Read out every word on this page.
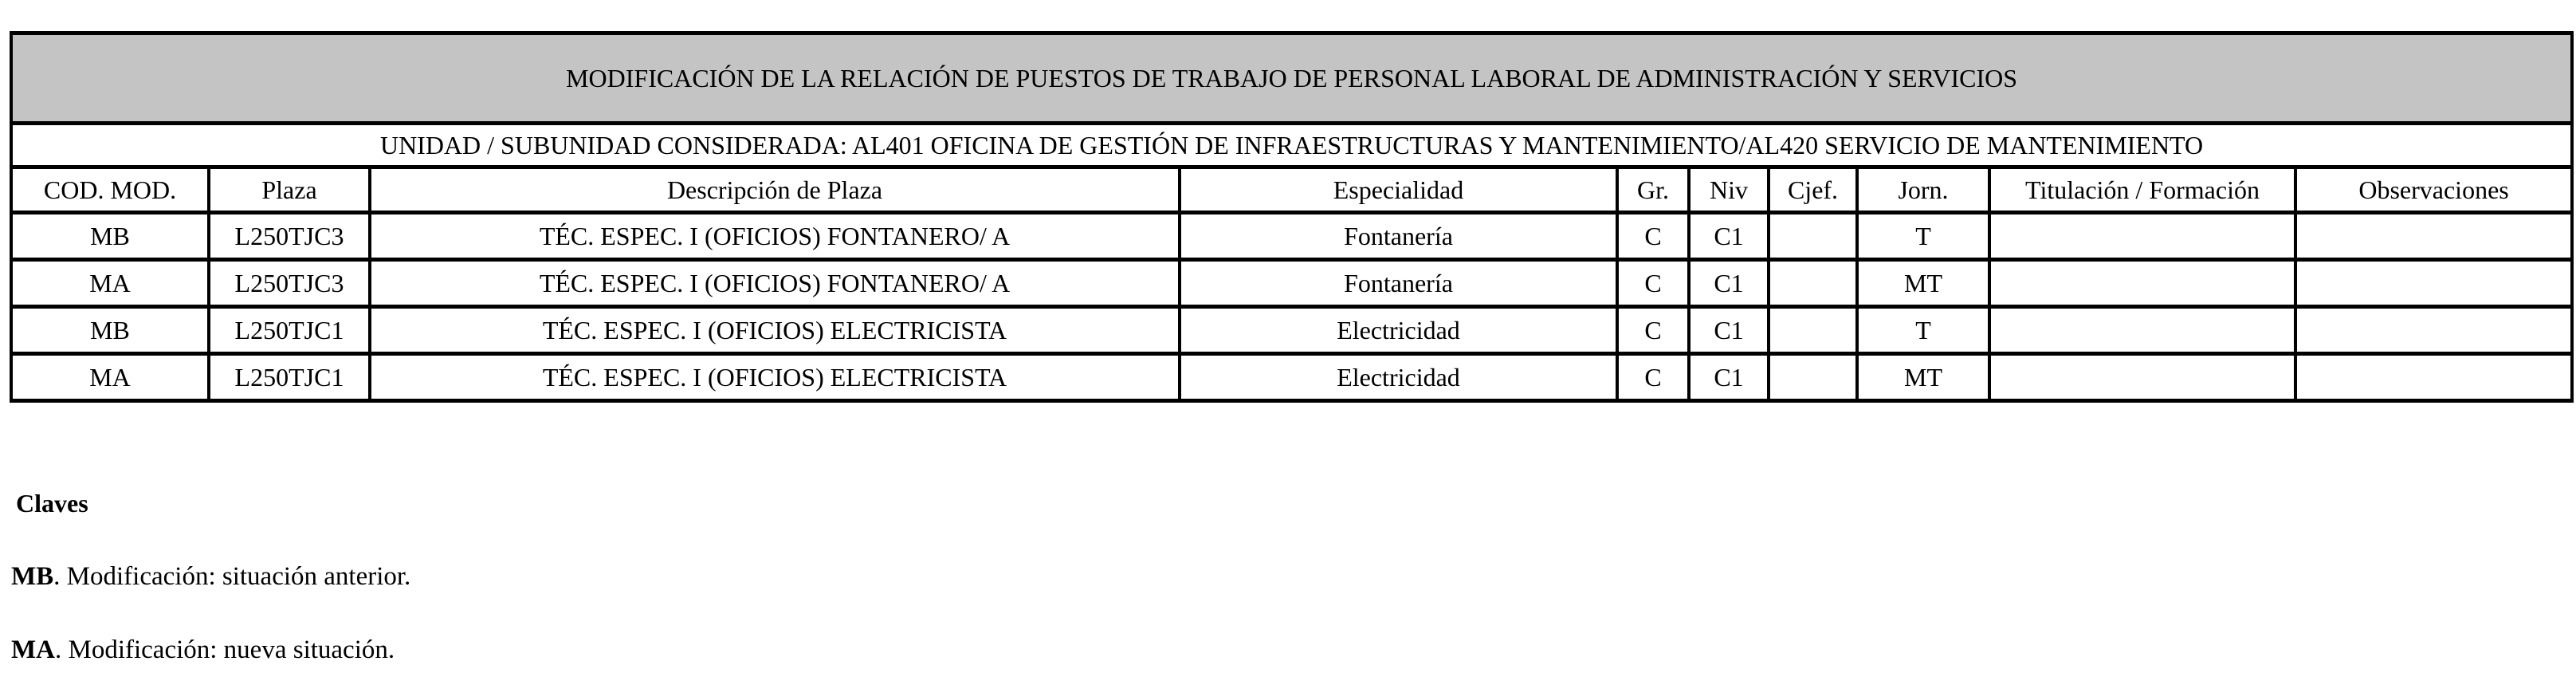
MODIFICACIÓN DE LA RELACIÓN DE PUESTOS DE TRABAJO DE PERSONAL LABORAL DE ADMINISTRACIÓN Y SERVICIOS									
UNIDAD / SUBUNIDAD CONSIDERADA: AL401 OFICINA DE GESTIÓN DE INFRAESTRUCTURAS Y MANTENIMIENTO/AL420 SERVICIO DE MANTENIMIENTO									
COD. MOD.	Plaza	Descripción de Plaza	Especialidad	Gr.	Niv	Cjef.	Jorn.	Titulación / Formación	Observaciones
MB	L250TJC3	TÉC. ESPEC. I (OFICIOS) FONTANERO/ A	Fontanería	C	C1		T		
MA	L250TJC3	TÉC. ESPEC. I (OFICIOS) FONTANERO/ A	Fontanería	C	C1		MT		
MB	L250TJC1	TÉC. ESPEC. I (OFICIOS) ELECTRICISTA	Electricidad	C	C1		T		
MA	L250TJC1	TÉC. ESPEC. I (OFICIOS) ELECTRICISTA	Electricidad	C	C1		MT		
Claves
MB. Modificación: situación anterior.
MA. Modificación: nueva situación.
